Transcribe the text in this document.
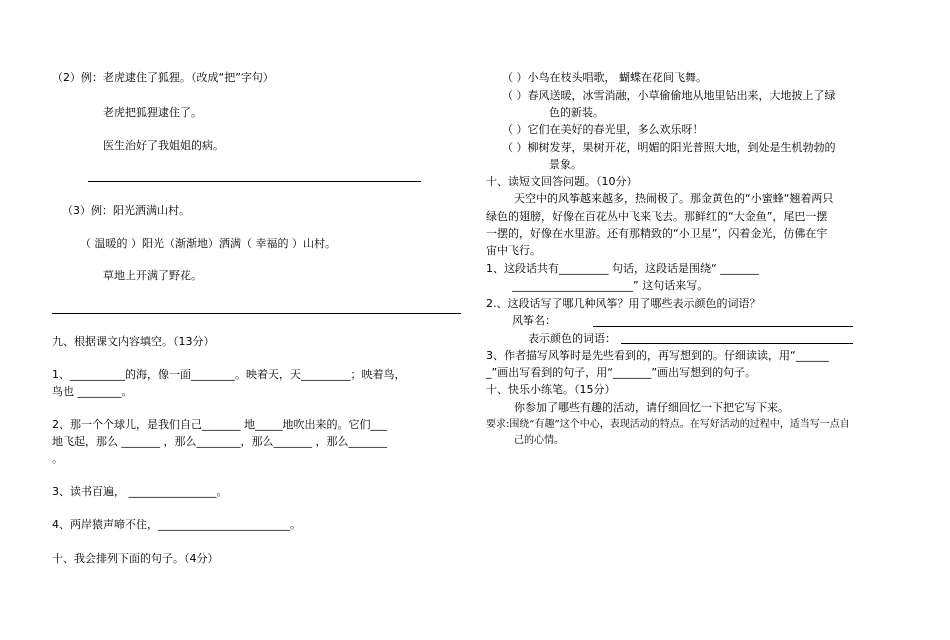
（2）例：老虎逮住了狐狸。（改成“把”字句）
老虎把狐狸逮住了。
医生治好了我姐姐的病。
（3）例：阳光洒满山村。
（ 温暖的 ）阳光（渐渐地）洒满（ 幸福的 ）山村。
草地上开满了野花。
九、根据课文内容填空。（13分）
1、__________的海，像一面________。映着天，天_________；映着鸟，
鸟也 ________。
2、那一个个球儿，是我们自己_______ 地_____地吹出来的。它们___
地飞起，那么 _______ ，那么________，那么_______ ，那么_______
。
3、读书百遍， ________________。
4、两岸猿声啼不住，________________________。
十、我会排列下面的句子。（4分）
（ ）小鸟在枝头唱歌， 蝴蝶在花间飞舞。
（ ）春风送暖，冰雪消融，小草偷偷地从地里钻出来，大地披上了绿
色的新装。
（ ）它们在美好的春光里，多么欢乐呀！
（ ）柳树发芽，果树开花，明媚的阳光普照大地，到处是生机勃勃的
景象。
十、读短文回答问题。（10分）
天空中的风筝越来越多，热闹极了。那金黄色的“小蜜蜂“翘着两只
绿色的翅膀，好像在百花丛中飞来飞去。那鲜红的“大金鱼”，尾巴一摆
一摆的，好像在水里游。还有那精致的“小卫星”，闪着金光，仿佛在宇
宙中飞行。
1、这段话共有_________ 句话，这段话是围绕“ _______
______________________” 这句话来写。
2.、这段话写了哪几种风筝？用了哪些表示颜色的词语？
风筝名：
表示颜色的词语：
3、作者描写风筝时是先些看到的，再写想到的。仔细读读，用“______
_”画出写看到的句子，用“_______”画出写想到的句子。
十、快乐小练笔。（15分）
你参加了哪些有趣的活动，请仔细回忆一下把它写下来。
要求:围绕“有趣”这个中心，表现活动的特点。在写好活动的过程中，适当写一点自
己的心情。
